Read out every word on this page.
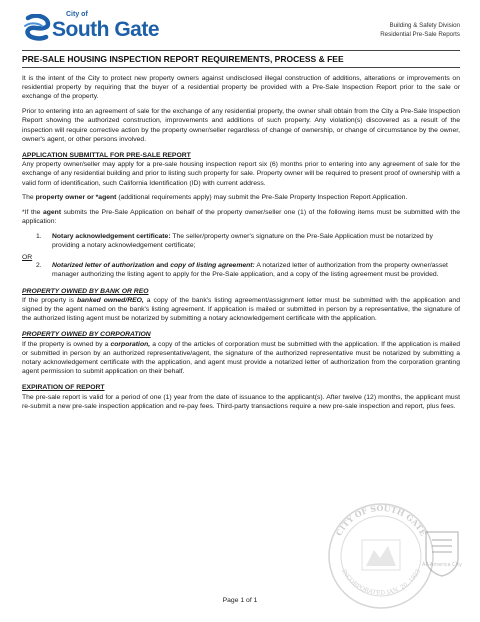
City of
South Gate	Building & Safety Division
Residential Pre-Sale Reports
PRE-SALE HOUSING INSPECTION REPORT REQUIREMENTS, PROCESS & FEE

It is the intent of the City to protect new property owners against undisclosed illegal construction of additions, alterations or improvements on residential property by requiring that the buyer of a residential property be provided with a Pre-Sale Inspection Report prior to the sale or exchange of the property.

Prior to entering into an agreement of sale for the exchange of any residential property, the owner shall obtain from the City a Pre-Sale Inspection Report showing the authorized construction, improvements and additions of such property. Any violation(s) discovered as a result of the inspection will require corrective action by the property owner/seller regardless of change of ownership, or change of circumstance by the owner, owner's agent, or other persons involved.

APPLICATION SUBMITTAL FOR PRE-SALE REPORT

Any property owner/seller may apply for a pre-sale housing inspection report six (6) months prior to entering into any agreement of sale for the exchange of any residential building and prior to listing such property for sale. Property owner will be required to present proof of ownership with a valid form of identification, such California Identification (ID) with current address.

The property owner or *agent (additional requirements apply) may submit the Pre-Sale Property Inspection Report Application.

*If the agent submits the Pre-Sale Application on behalf of the property owner/seller one (1) of the following items must be submitted with the application:

1. Notary acknowledgement certificate: The seller/property owner's signature on the Pre-Sale Application must be notarized by providing a notary acknowledgement certificate;
OR
2. Notarized letter of authorization and copy of listing agreement: A notarized letter of authorization from the property owner/asset manager authorizing the listing agent to apply for the Pre-Sale application, and a copy of the listing agreement must be provided.

PROPERTY OWNED BY BANK OR REO

If the property is banked owned/REO, a copy of the bank's listing agreement/assignment letter must be submitted with the application and signed by the agent named on the bank's listing agreement. If application is mailed or submitted in person by a representative, the signature of the authorized listing agent must be notarized by submitting a notary acknowledgement certificate with the application.

PROPERTY OWNED BY CORPORATION

If the property is owned by a corporation, a copy of the articles of corporation must be submitted with the application. If the application is mailed or submitted in person by an authorized representative/agent, the signature of the authorized representative must be notarized by submitting a notary acknowledgement certificate with the application, and agent must provide a notarized letter of authorization from the corporation granting agent permission to submit application on their behalf.

EXPIRATION OF REPORT

The pre-sale report is valid for a period of one (1) year from the date of issuance to the applicant(s). After twelve (12) months, the applicant must re-submit a new pre-sale inspection application and re-pay fees. Third-party transactions require a new pre-sale inspection and report, plus fees.

CITY OF SOUTH GATE
INCORPORATED JAN. 20, 1923
All-America City
Page 1 of 1
